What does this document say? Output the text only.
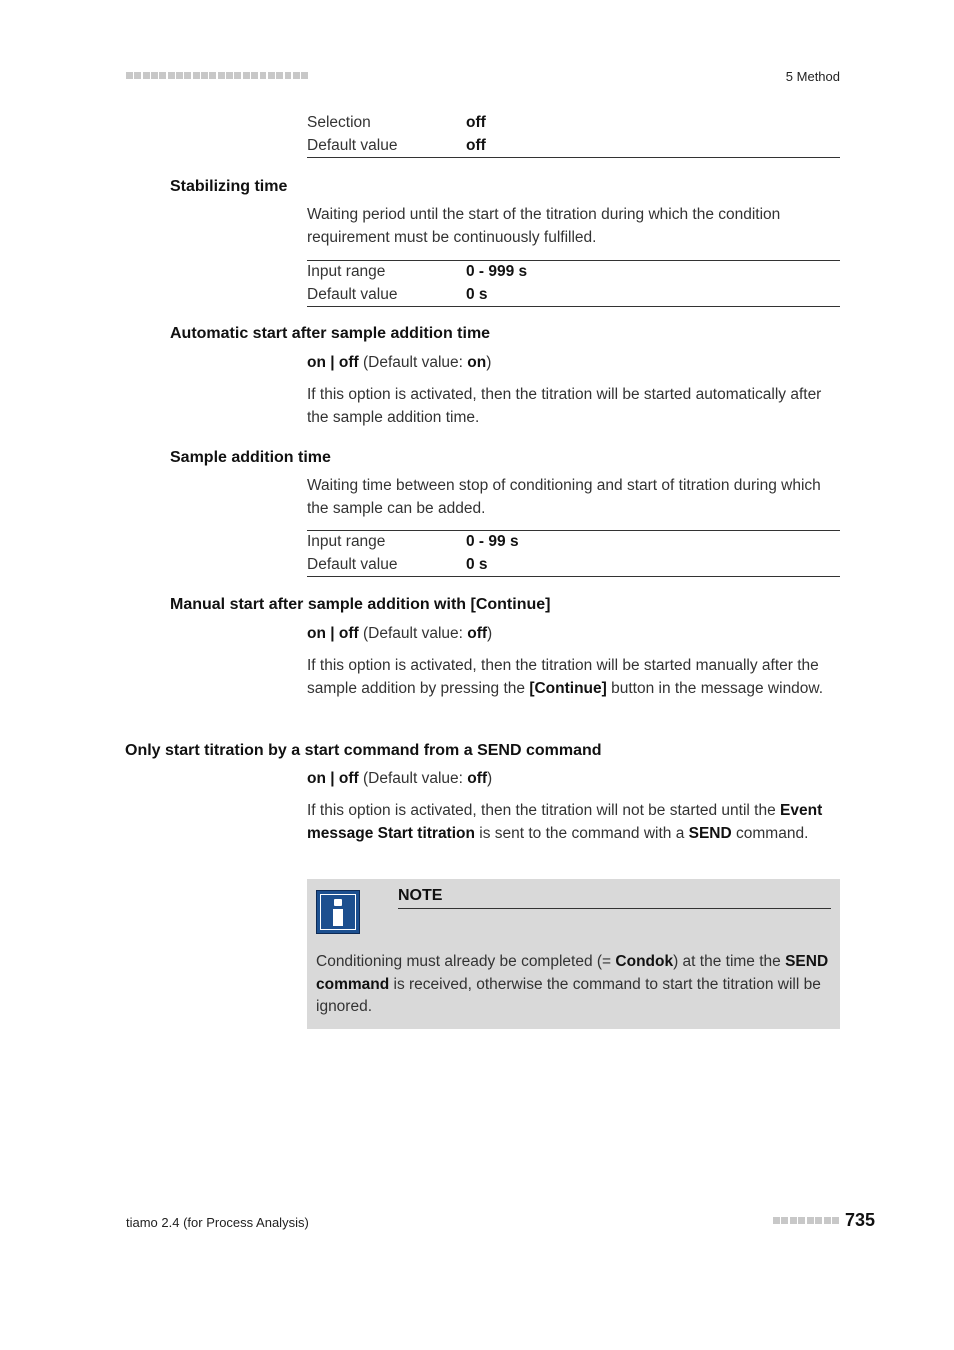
5 Method
Selection	off
Default value	off
Stabilizing time
Waiting period until the start of the titration during which the condition requirement must be continuously fulfilled.
Input range	0 - 999 s
Default value	0 s
Automatic start after sample addition time
on | off (Default value: on)
If this option is activated, then the titration will be started automatically after the sample addition time.
Sample addition time
Waiting time between stop of conditioning and start of titration during which the sample can be added.
Input range	0 - 99 s
Default value	0 s
Manual start after sample addition with [Continue]
on | off (Default value: off)
If this option is activated, then the titration will be started manually after the sample addition by pressing the [Continue] button in the message window.
Only start titration by a start command from a SEND command
on | off (Default value: off)
If this option is activated, then the titration will not be started until the Event message Start titration is sent to the command with a SEND command.
NOTE
Conditioning must already be completed (= Condok) at the time the SEND command is received, otherwise the command to start the titration will be ignored.
tiamo 2.4 (for Process Analysis)	735
